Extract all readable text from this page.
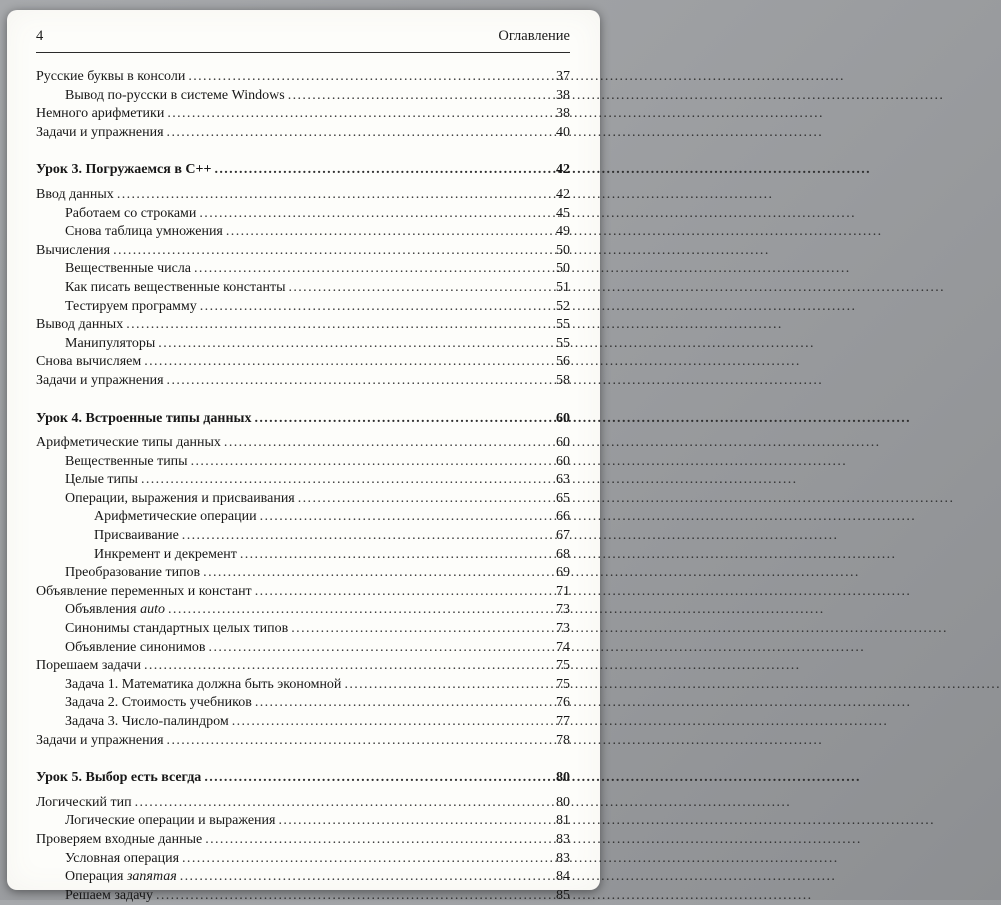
4	Оглавление
Русские буквы в консоли .....	37
Вывод по-русски в системе Windows .....	38
Немного арифметики .....	38
Задачи и упражнения .....	40
Урок 3. Погружаемся в C++ .....	42
Ввод данных .....	42
Работаем со строками .....	45
Снова таблица умножения .....	49
Вычисления .....	50
Вещественные числа .....	50
Как писать вещественные константы .....	51
Тестируем программу .....	52
Вывод данных .....	55
Манипуляторы .....	55
Снова вычисляем .....	56
Задачи и упражнения .....	58
Урок 4. Встроенные типы данных .....	60
Арифметические типы данных .....	60
Вещественные типы .....	60
Целые типы .....	63
Операции, выражения и присваивания .....	65
Арифметические операции .....	66
Присваивание .....	67
Инкремент и декремент .....	68
Преобразование типов .....	69
Объявление переменных и констант .....	71
Объявления auto .....	73
Синонимы стандартных целых типов .....	73
Объявление синонимов .....	74
Порешаем задачи .....	75
Задача 1. Математика должна быть экономной .....	75
Задача 2. Стоимость учебников .....	76
Задача 3. Число-палиндром .....	77
Задачи и упражнения .....	78
Урок 5. Выбор есть всегда .....	80
Логический тип .....	80
Логические операции и выражения .....	81
Проверяем входные данные .....	83
Условная операция .....	83
Операция запятая .....	84
Решаем задачу .....	85
